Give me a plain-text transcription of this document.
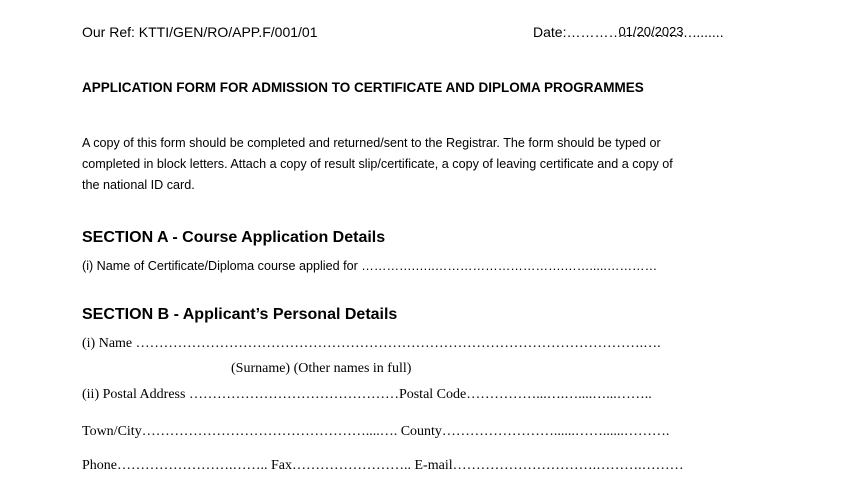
Our Ref: KTTI/GEN/RO/APP.F/001/01	Date:………………………........
01/20/2023
APPLICATION FORM FOR ADMISSION TO CERTIFICATE AND DIPLOMA PROGRAMMES
A copy of this form should be completed and returned/sent to the Registrar. The form should be typed or
completed in block letters. Attach a copy of result slip/certificate, a copy of leaving certificate and a copy of
the national ID card.
SECTION A - Course Application Details
(i) Name of Certificate/Diploma course applied for ………….…..………………………….…….....…………
SECTION B - Applicant’s Personal Details
(i) Name ……………………………………………………………………………………………….….
(Surname) (Other names in full)
(ii) Postal Address ………………………………………Postal Code……………...….…....…...……..
Town/City…………………………………………....…. County……………………......……......……….
Phone…………………….…….. Fax…………………….. E-mail………………………….……….………
